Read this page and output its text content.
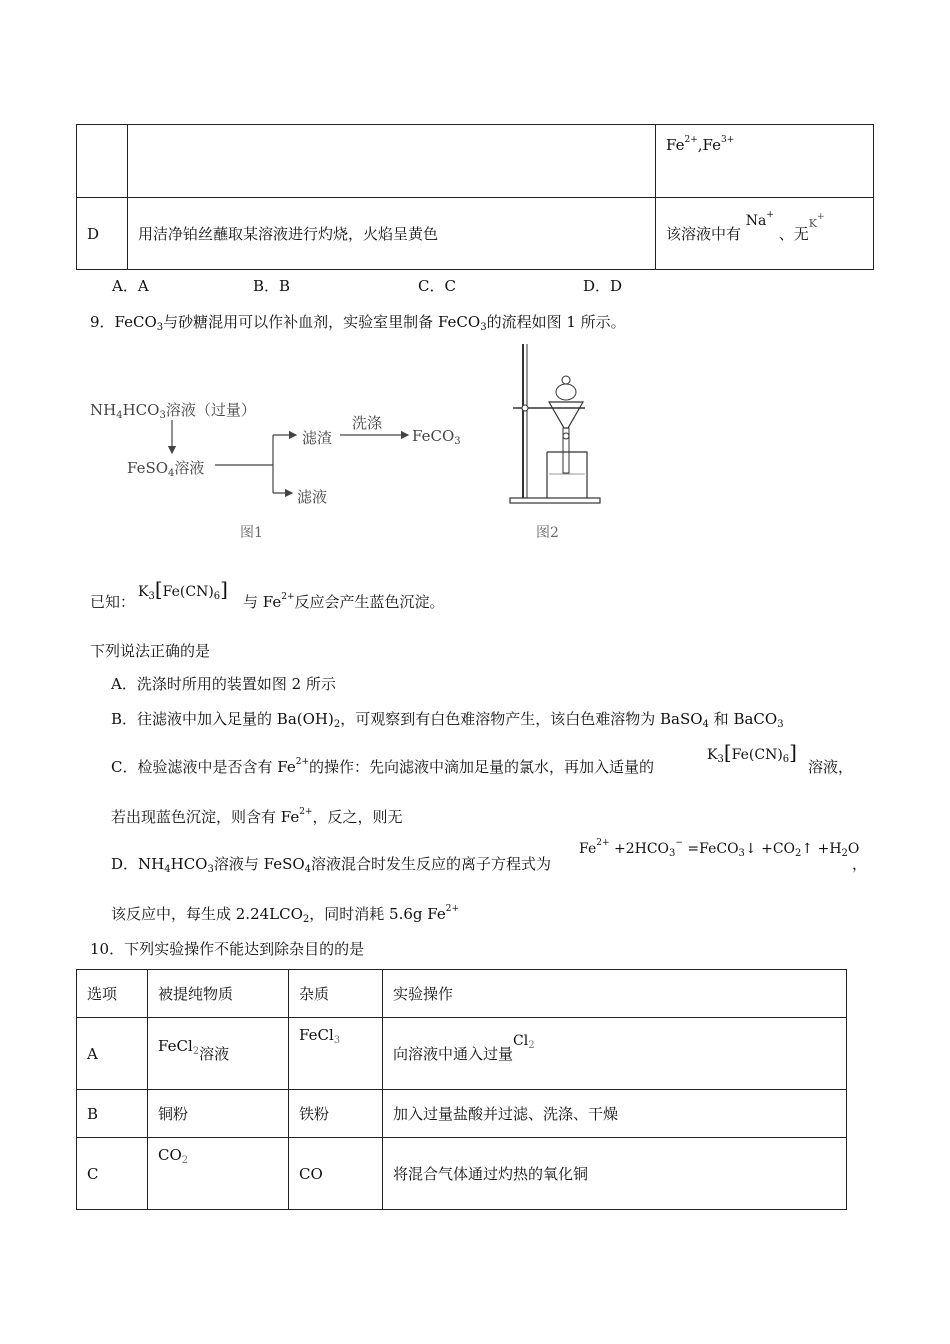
		$Fe^{2+},Fe^{3+}$
D	用洁净铂丝蘸取某溶液进行灼烧，火焰呈黄色	该溶液中有 Na+ 、无$^{K^+}$
A．A	B．B	C．C	D．D
9．FeCO$_3$与砂糖混用可以作补血剂，实验室里制备 FeCO$_3$的流程如图 1 所示。
$NH_4HCO_3$溶液（过量）
FeSO$_4$溶液
滤渣
洗涤
FeCO$_3$
滤液
图1	图2
已知：
$K_3[Fe(CN)_6]$
与 $Fe^{2+}$反应会产生蓝色沉淀。
下列说法正确的是
A．洗涤时所用的装置如图 2 所示
B．往滤液中加入足量的 $Ba(OH)_2$，可观察到有白色难溶物产生，该白色难溶物为 BaSO$_4$ 和 BaCO$_3$
C．检验滤液中是否含有 $Fe^{2+}$的操作：先向滤液中滴加足量的氯水，再加入适量的
$K_3[Fe(CN)_6]$
溶液，
若出现蓝色沉淀，则含有 $Fe^{2+}$，反之，则无
D．$NH_4HCO_3$溶液与 FeSO$_4$溶液混合时发生反应的离子方程式为
$Fe^{2+} +2HCO_3^-$ =FeCO$_3$↓ $+CO_2↑ +H_2O$
，
该反应中，每生成 $2.24LCO_2$，同时消耗 5.6g $Fe^{2+}$
10．下列实验操作不能达到除杂目的的是
选项	被提纯物质	杂质	实验操作
A	FeCl$_2$溶液	FeCl$_3$	向溶液中通入过量$Cl_2$
B	铜粉	铁粉	加入过量盐酸并过滤、洗涤、干燥
C	$CO_2$	CO	将混合气体通过灼热的氧化铜
